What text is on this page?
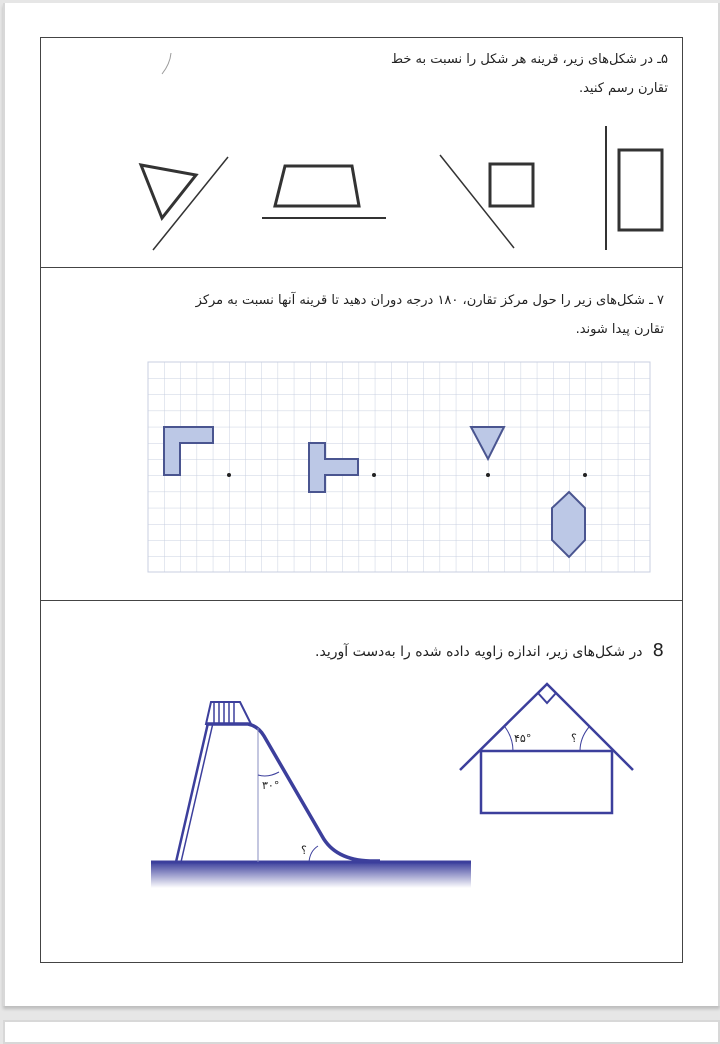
۵ـ در شکل‌های زیر، قرینه هر شکل را نسبت به خط
تقارن رسم کنید.
۷ ـ شکل‌های زیر را حول مرکز تقارن، ۱۸۰ درجه دوران دهید تا قرینه آنها نسبت به مرکز
تقارن پیدا شوند.
8در شکل‌های زیر، اندازه زاویه داده شده را به‌دست آورید.
۳۰°
؟
۴۵°	؟
